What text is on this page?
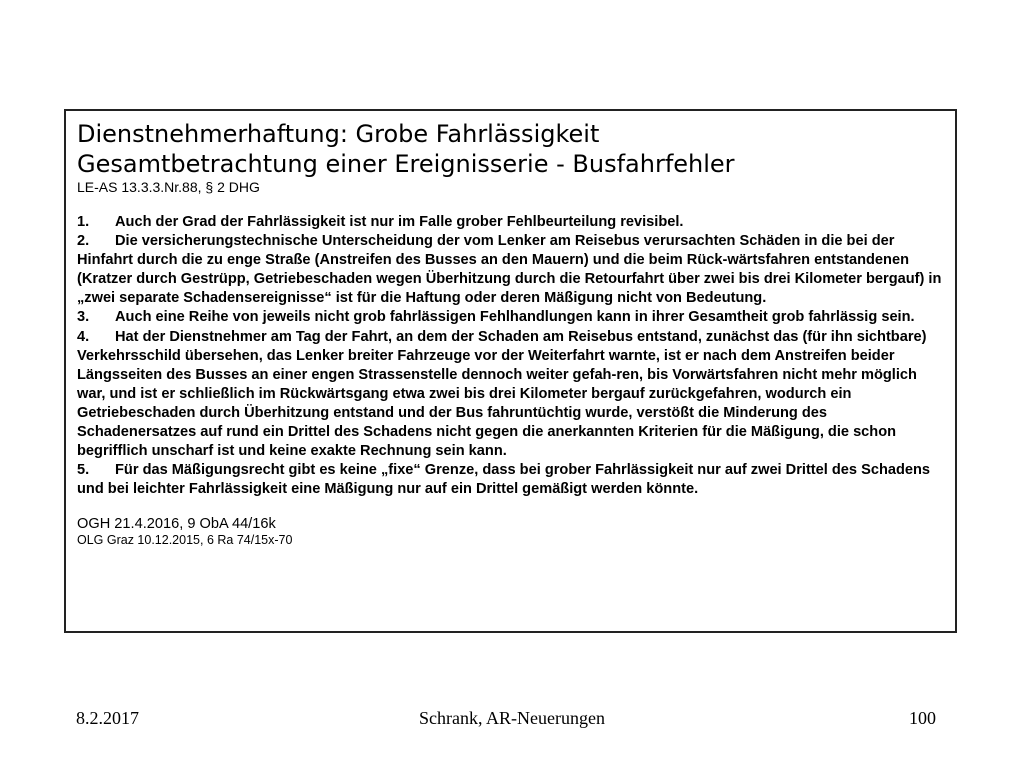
Dienstnehmerhaftung: Grobe Fahrlässigkeit
Gesamtbetrachtung einer Ereignisserie - Busfahrfehler
LE-AS 13.3.3.Nr.88, § 2 DHG
1. Auch der Grad der Fahrlässigkeit ist nur im Falle grober Fehlbeurteilung revisibel.
2. Die versicherungstechnische Unterscheidung der vom Lenker am Reisebus verursachten Schäden in die bei der Hinfahrt durch die zu enge Straße (Anstreifen des Busses an den Mauern) und die beim Rück-wärtsfahren entstandenen (Kratzer durch Gestrüpp, Getriebeschaden wegen Überhitzung durch die Retourfahrt über zwei bis drei Kilometer bergauf) in „zwei separate Schadensereignisse“ ist für die Haftung oder deren Mäßigung nicht von Bedeutung.
3. Auch eine Reihe von jeweils nicht grob fahrlässigen Fehlhandlungen kann in ihrer Gesamtheit grob fahrlässig sein.
4. Hat der Dienstnehmer am Tag der Fahrt, an dem der Schaden am Reisebus entstand, zunächst das (für ihn sichtbare) Verkehrsschild übersehen, das Lenker breiter Fahrzeuge vor der Weiterfahrt warnte, ist er nach dem Anstreifen beider Längsseiten des Busses an einer engen Strassenstelle dennoch weiter gefah-ren, bis Vorwärtsfahren nicht mehr möglich war, und ist er schließlich im Rückwärtsgang etwa zwei bis drei Kilometer bergauf zurückgefahren, wodurch ein Getriebeschaden durch Überhitzung entstand und der Bus fahruntüchtig wurde, verstößt die Minderung des Schadenersatzes auf rund ein Drittel des Schadens nicht gegen die anerkannten Kriterien für die Mäßigung, die schon begrifflich unscharf ist und keine exakte Rechnung sein kann.
5. Für das Mäßigungsrecht gibt es keine „fixe“ Grenze, dass bei grober Fahrlässigkeit nur auf zwei Drittel des Schadens und bei leichter Fahrlässigkeit eine Mäßigung nur auf ein Drittel gemäßigt werden könnte.
OGH 21.4.2016, 9 ObA 44/16k
OLG Graz 10.12.2015, 6 Ra 74/15x-70
8.2.2017	Schrank, AR-Neuerungen	100
